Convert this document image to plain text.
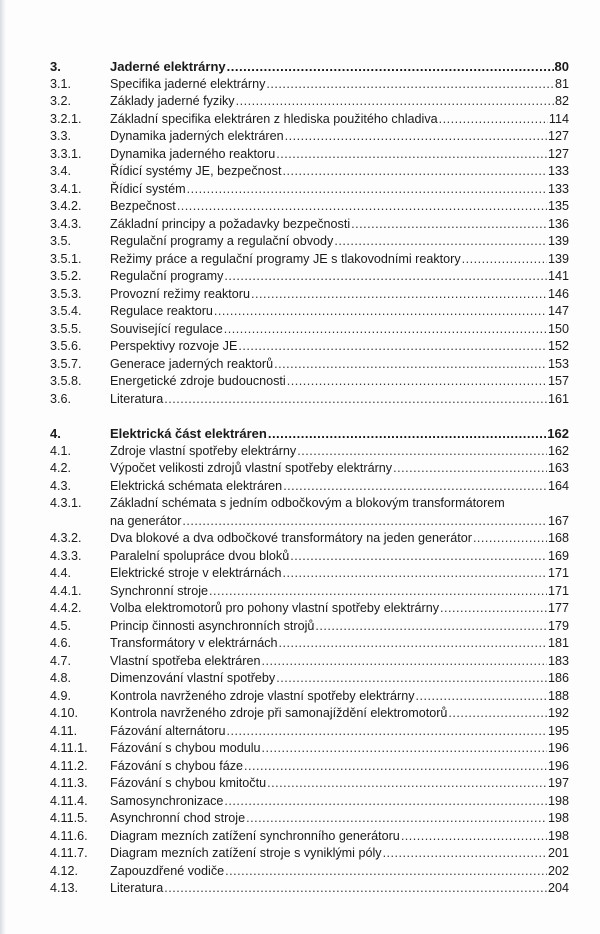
3.	Jaderné elektrárny .....	80
3.1.	Specifika jaderné elektrárny .....	81
3.2.	Základy jaderné fyziky .....	82
3.2.1.	Základní specifika elektráren z hlediska použitého chladiva .....	114
3.3.	Dynamika jaderných elektráren .....	127
3.3.1.	Dynamika jaderného reaktoru .....	127
3.4.	Řídicí systémy JE, bezpečnost .....	133
3.4.1.	Řídicí systém .....	133
3.4.2.	Bezpečnost .....	135
3.4.3.	Základní principy a požadavky bezpečnosti .....	136
3.5.	Regulační programy a regulační obvody .....	139
3.5.1.	Režimy práce a regulační programy JE s tlakovodními reaktory .....	139
3.5.2.	Regulační programy .....	141
3.5.3.	Provozní režimy reaktoru .....	146
3.5.4.	Regulace reaktoru .....	147
3.5.5.	Související regulace .....	150
3.5.6.	Perspektivy rozvoje JE .....	152
3.5.7.	Generace jaderných reaktorů .....	153
3.5.8.	Energetické zdroje budoucnosti .....	157
3.6.	Literatura .....	161
4.	Elektrická část elektráren .....	162
4.1.	Zdroje vlastní spotřeby elektrárny .....	162
4.2.	Výpočet velikosti zdrojů vlastní spotřeby elektrárny .....	163
4.3.	Elektrická schémata elektráren .....	164
4.3.1.	Základní schémata s jedním odbočkovým a blokovým transformátorem
na generátor .....	167
4.3.2.	Dva blokové a dva odbočkové transformátory na jeden generátor .....	168
4.3.3.	Paralelní spolupráce dvou bloků .....	169
4.4.	Elektrické stroje v elektrárnách .....	171
4.4.1.	Synchronní stroje .....	171
4.4.2.	Volba elektromotorů pro pohony vlastní spotřeby elektrárny .....	177
4.5.	Princip činnosti asynchronních strojů .....	179
4.6.	Transformátory v elektrárnách .....	181
4.7.	Vlastní spotřeba elektráren .....	183
4.8.	Dimenzování vlastní spotřeby .....	186
4.9.	Kontrola navrženého zdroje vlastní spotřeby elektrárny .....	188
4.10.	Kontrola navrženého zdroje při samonajíždění elektromotorů .....	192
4.11.	Fázování alternátoru .....	195
4.11.1.	Fázování s chybou modulu .....	196
4.11.2.	Fázování s chybou fáze .....	196
4.11.3.	Fázování s chybou kmitočtu .....	197
4.11.4.	Samosynchronizace .....	198
4.11.5.	Asynchronní chod stroje .....	198
4.11.6.	Diagram mezních zatížení synchronního generátoru .....	198
4.11.7.	Diagram mezních zatížení stroje s vyniklými póly .....	201
4.12.	Zapouzdřené vodiče .....	202
4.13.	Literatura .....	204
